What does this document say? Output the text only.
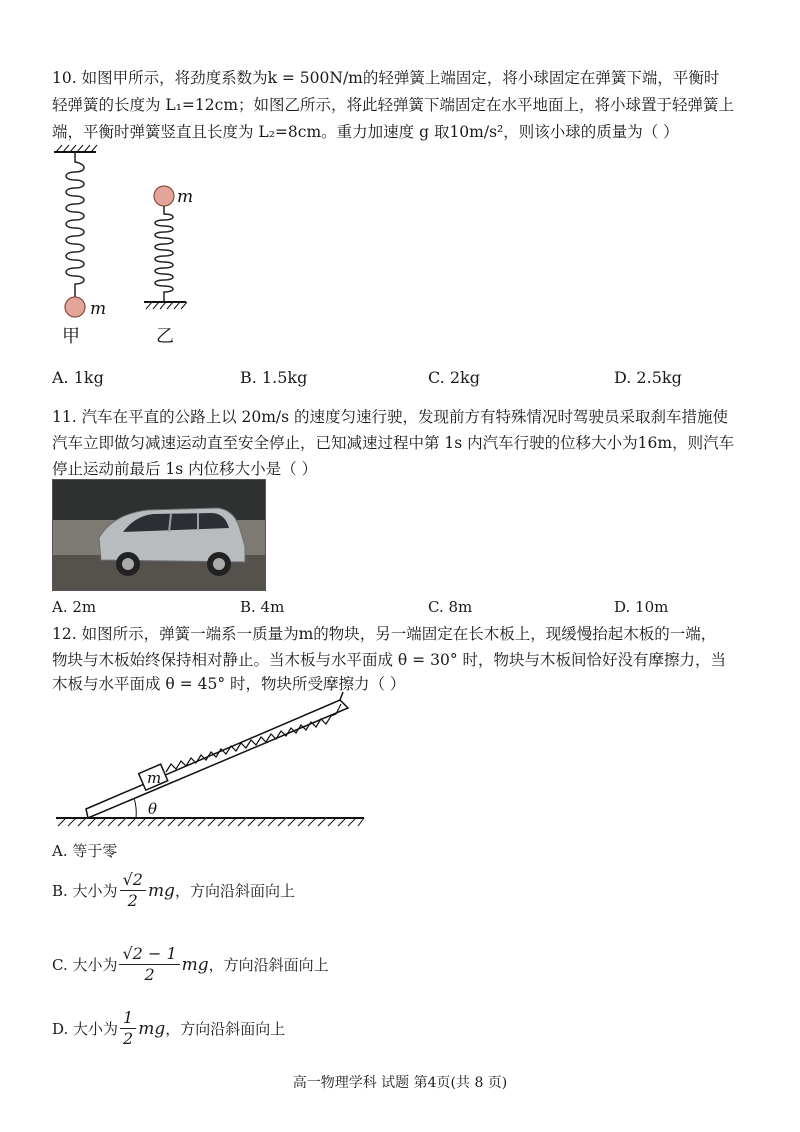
10. 如图甲所示，将劲度系数为k = 500N/m的轻弹簧上端固定，将小球固定在弹簧下端，平衡时
轻弹簧的长度为 L₁=12cm；如图乙所示，将此轻弹簧下端固定在水平地面上，将小球置于轻弹簧上
端，平衡时弹簧竖直且长度为 L₂=8cm。重力加速度 g 取10m/s²，则该小球的质量为（ ）
m
甲
m
乙
A. 1kg	B. 1.5kg	C. 2kg	D. 2.5kg
11. 汽车在平直的公路上以 20m/s 的速度匀速行驶，发现前方有特殊情况时驾驶员采取刹车措施使
汽车立即做匀减速运动直至安全停止，已知减速过程中第 1s 内汽车行驶的位移大小为16m，则汽车
停止运动前最后 1s 内位移大小是（ ）
A. 2m	B. 4m	C. 8m	D. 10m
12. 如图所示，弹簧一端系一质量为m的物块，另一端固定在长木板上，现缓慢抬起木板的一端，
物块与木板始终保持相对静止。当木板与水平面成 θ = 30° 时，物块与木板间恰好没有摩擦力，当
木板与水平面成 θ = 45° 时，物块所受摩擦力（ ）
m
θ
A. 等于零
B. 大小为 $\frac{√2}{2}$ mg ，方向沿斜面向上
C. 大小为 $\frac{√2 - 1}{2}$ mg ，方向沿斜面向上
D. 大小为 $\frac{1}{2}$ mg ，方向沿斜面向上
高一物理学科 试题 第4页(共 8 页)
